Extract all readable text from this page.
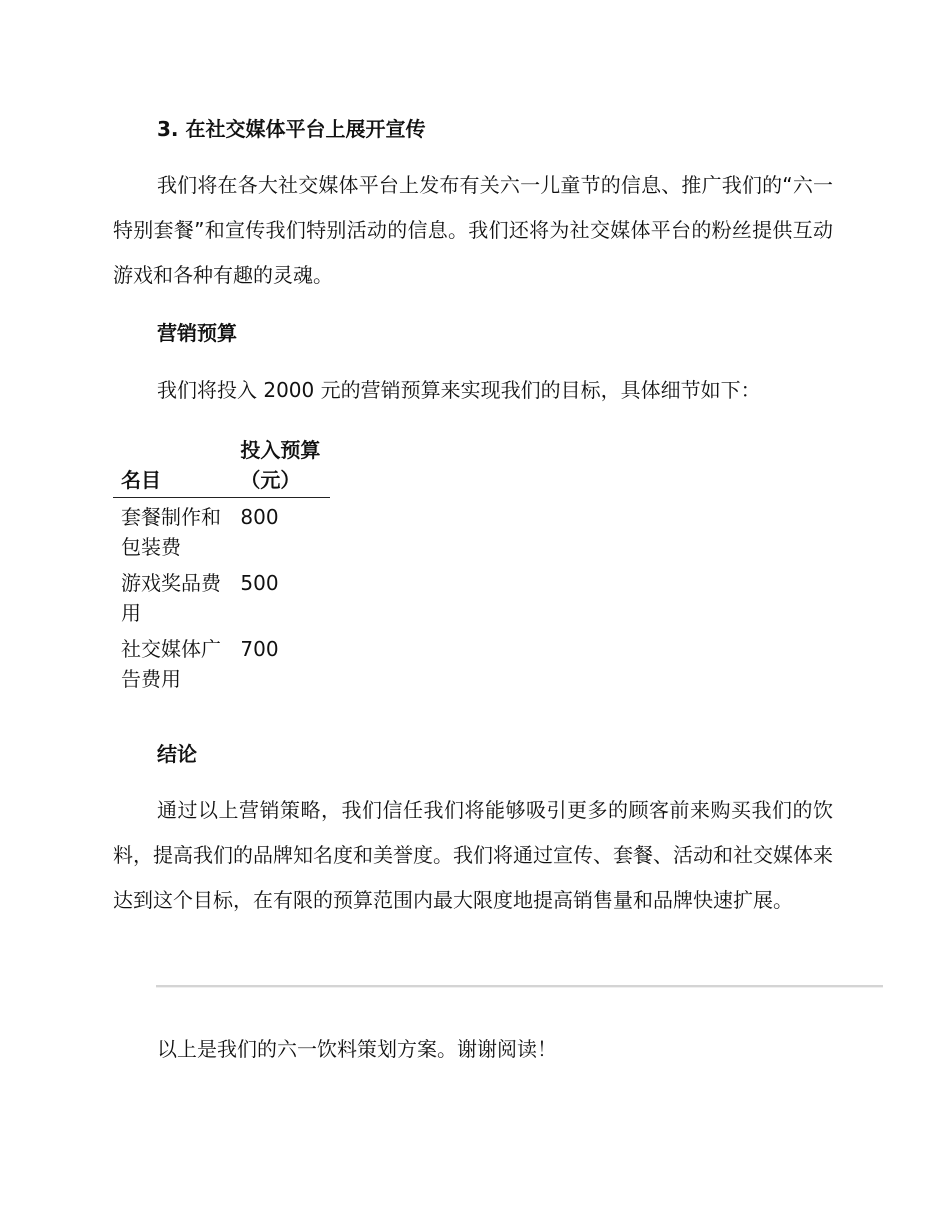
3. 在社交媒体平台上展开宣传

我们将在各大社交媒体平台上发布有关六一儿童节的信息、推广我们的“六一特别套餐”和宣传我们特别活动的信息。我们还将为社交媒体平台的粉丝提供互动游戏和各种有趣的灵魂。

营销预算

我们将投入 2000 元的营销预算来实现我们的目标，具体细节如下：

名目	投入预算（元）
套餐制作和包装费	800
游戏奖品费用	500
社交媒体广告费用	700
结论

通过以上营销策略，我们信任我们将能够吸引更多的顾客前来购买我们的饮料，提高我们的品牌知名度和美誉度。我们将通过宣传、套餐、活动和社交媒体来达到这个目标，在有限的预算范围内最大限度地提高销售量和品牌快速扩展。

以上是我们的六一饮料策划方案。谢谢阅读！
